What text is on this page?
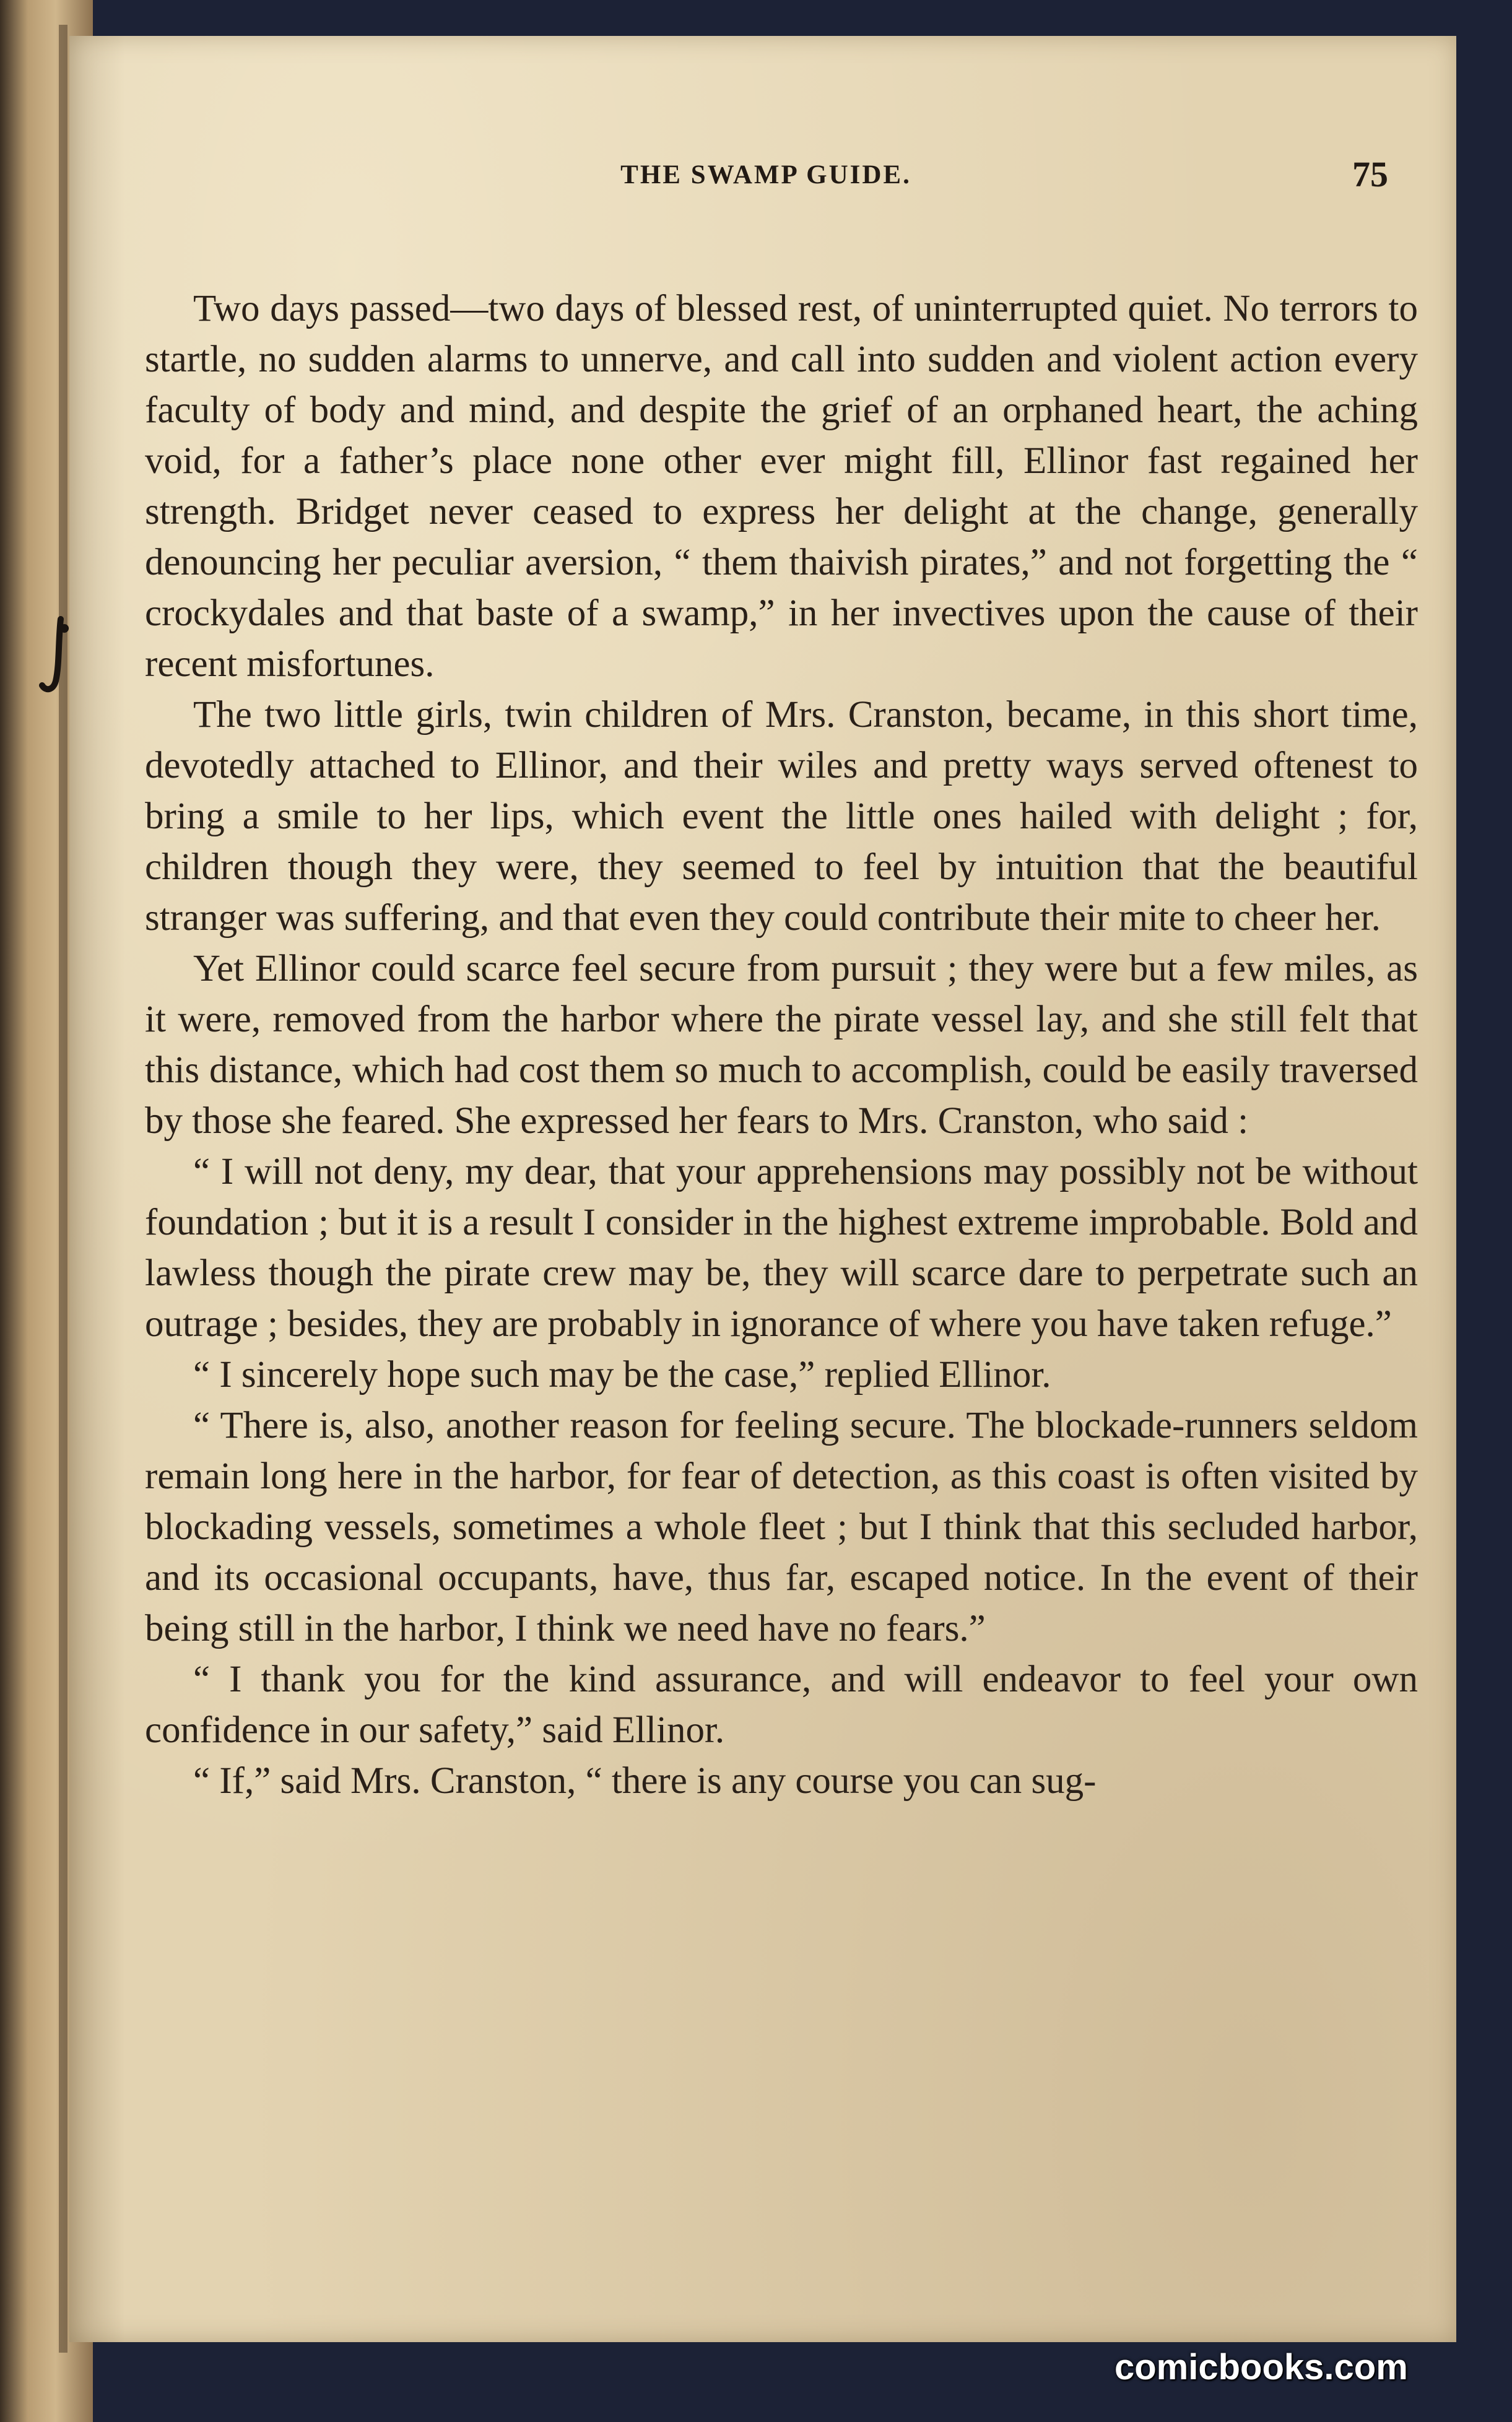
THE SWAMP GUIDE.	75

Two days passed—two days of blessed rest, of uninterrupted quiet. No terrors to startle, no sudden alarms to unnerve, and call into sudden and violent action every faculty of body and mind, and despite the grief of an orphaned heart, the aching void, for a father’s place none other ever might fill, Ellinor fast regained her strength. Bridget never ceased to express her delight at the change, generally denouncing her peculiar aversion, “ them thaivish pirates,” and not forgetting the “ crockydales and that baste of a swamp,” in her invectives upon the cause of their recent misfortunes.

The two little girls, twin children of Mrs. Cranston, became, in this short time, devotedly attached to Ellinor, and their wiles and pretty ways served oftenest to bring a smile to her lips, which event the little ones hailed with delight ; for, children though they were, they seemed to feel by intuition that the beautiful stranger was suffering, and that even they could contribute their mite to cheer her.

Yet Ellinor could scarce feel secure from pursuit ; they were but a few miles, as it were, removed from the harbor where the pirate vessel lay, and she still felt that this distance, which had cost them so much to accomplish, could be easily traversed by those she feared. She expressed her fears to Mrs. Cranston, who said :

“ I will not deny, my dear, that your apprehensions may possibly not be without foundation ; but it is a result I consider in the highest extreme improbable. Bold and lawless though the pirate crew may be, they will scarce dare to perpetrate such an outrage ; besides, they are probably in ignorance of where you have taken refuge.”

“ I sincerely hope such may be the case,” replied Ellinor.

“ There is, also, another reason for feeling secure. The blockade-runners seldom remain long here in the harbor, for fear of detection, as this coast is often visited by blockading vessels, sometimes a whole fleet ; but I think that this secluded harbor, and its occasional occupants, have, thus far, escaped notice. In the event of their being still in the harbor, I think we need have no fears.”

“ I thank you for the kind assurance, and will endeavor to feel your own confidence in our safety,” said Ellinor.

“ If,” said Mrs. Cranston, “ there is any course you can sug-

comicbooks.com
